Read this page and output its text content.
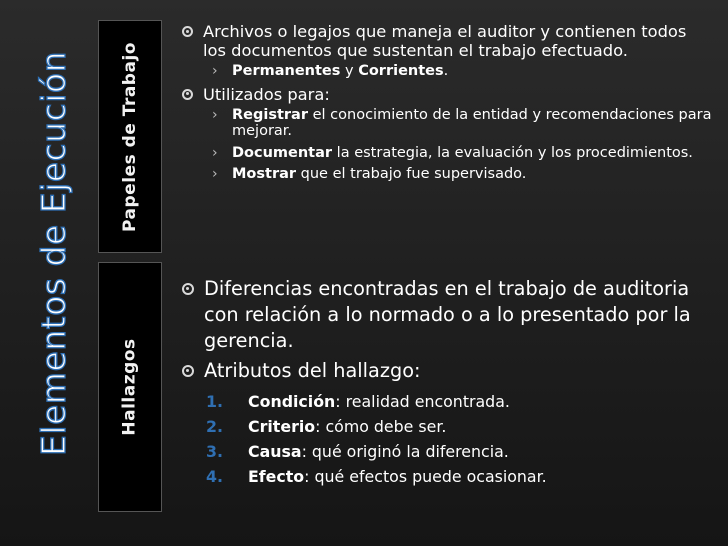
Elementos de Ejecución	Papeles de Trabajo
Hallazgos
Archivos o legajos que maneja el auditor y contienen todos los documentos que sustentan el trabajo efectuado.
› Permanentes y Corrientes.
Utilizados para:
› Registrar el conocimiento de la entidad y recomendaciones para mejorar.
› Documentar la estrategia, la evaluación y los procedimientos.
› Mostrar que el trabajo fue supervisado.
Diferencias encontradas en el trabajo de auditoria con relación a lo normado o a lo presentado por la gerencia.
Atributos del hallazgo:
1.	Condición: realidad encontrada.
2.	Criterio: cómo debe ser.
3.	Causa: qué originó la diferencia.
4.	Efecto: qué efectos puede ocasionar.
